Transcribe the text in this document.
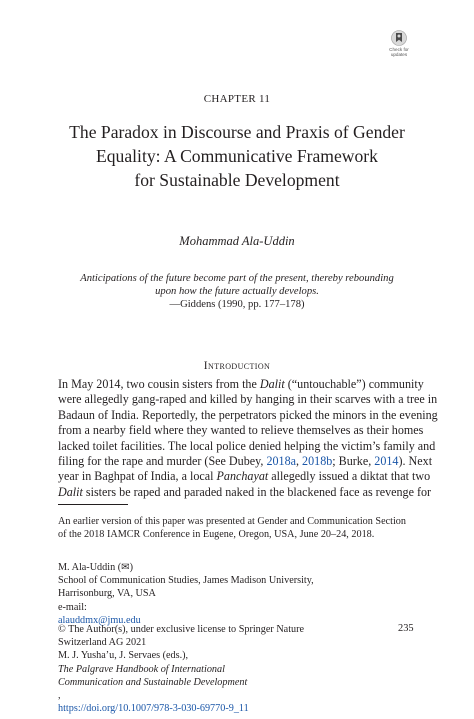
Check for
updates
CHAPTER 11
The Paradox in Discourse and Praxis of Gender
Equality: A Communicative Framework
for Sustainable Development
Mohammad Ala-Uddin
Anticipations of the future become part of the present, thereby rebounding
upon how the future actually develops.
—Giddens (1990, pp. 177–178)
Introduction
In May 2014, two cousin sisters from the Dalit (“untouchable”) community
were allegedly gang-raped and killed by hanging in their scarves with a tree in
Badaun of India. Reportedly, the perpetrators picked the minors in the evening
from a nearby field where they wanted to relieve themselves as their homes
lacked toilet facilities. The local police denied helping the victim’s family and
filing for the rape and murder (See Dubey, 2018a, 2018b; Burke, 2014). Next
year in Baghpat of India, a local Panchayat allegedly issued a diktat that two
Dalit sisters be raped and paraded naked in the blackened face as revenge for
An earlier version of this paper was presented at Gender and Communication Section of the 2018 IAMCR Conference in Eugene, Oregon, USA, June 20–24, 2018.
M. Ala-Uddin (✉)
School of Communication Studies, James Madison University,
Harrisonburg, VA, USA
e-mail:
alauddmx@jmu.edu
© The Author(s), under exclusive license to Springer Nature
Switzerland AG 2021
M. J. Yusha’u, J. Servaes (eds.),
The Palgrave Handbook of International
Communication and Sustainable Development
,
https://doi.org/10.1007/978-3-030-69770-9_11
235
